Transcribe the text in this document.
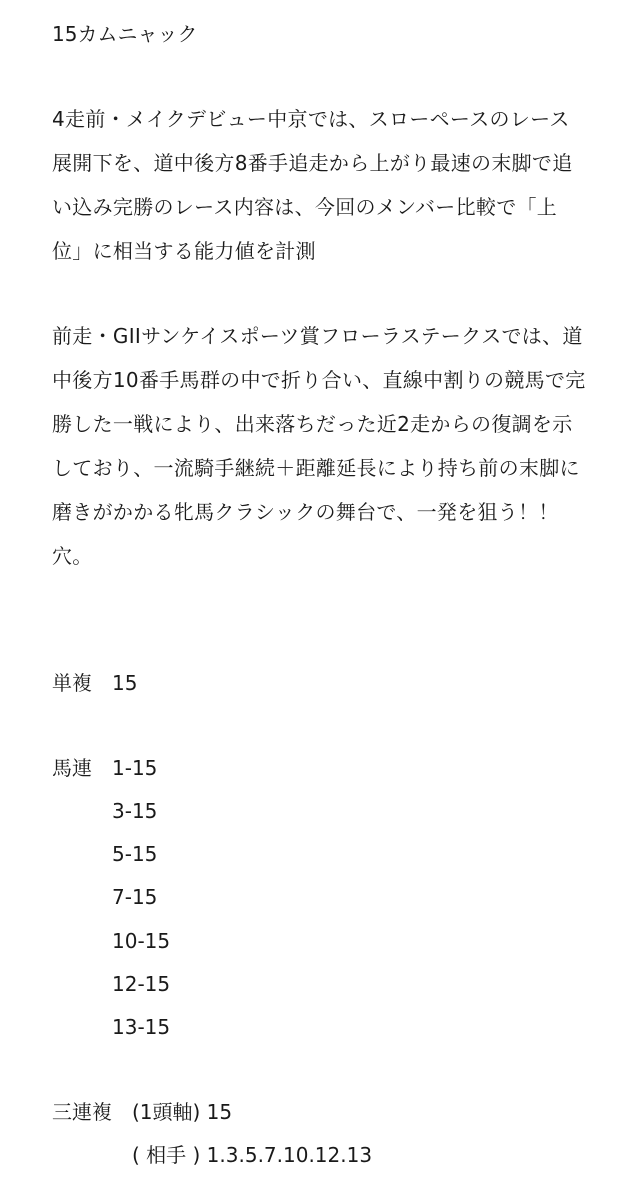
15カムニャック
4走前・メイクデビュー中京では、スローペースのレース
展開下を、道中後方8番手追走から上がり最速の末脚で追
い込み完勝のレース内容は、今回のメンバー比較で「上
位」に相当する能力値を計測
前走・GIIサンケイスポーツ賞フローラステークスでは、道
中後方10番手馬群の中で折り合い、直線中割りの競馬で完
勝した一戦により、出来落ちだった近2走からの復調を示
しており、一流騎手継続＋距離延長により持ち前の末脚に
磨きがかかる牝馬クラシックの舞台で、一発を狙う！！
穴。
単複 15
馬連 1-15
3-15
5-15
7-15
10-15
12-15
13-15
三連複 (1頭軸) 15
( 相手 ) 1.3.5.7.10.12.13
